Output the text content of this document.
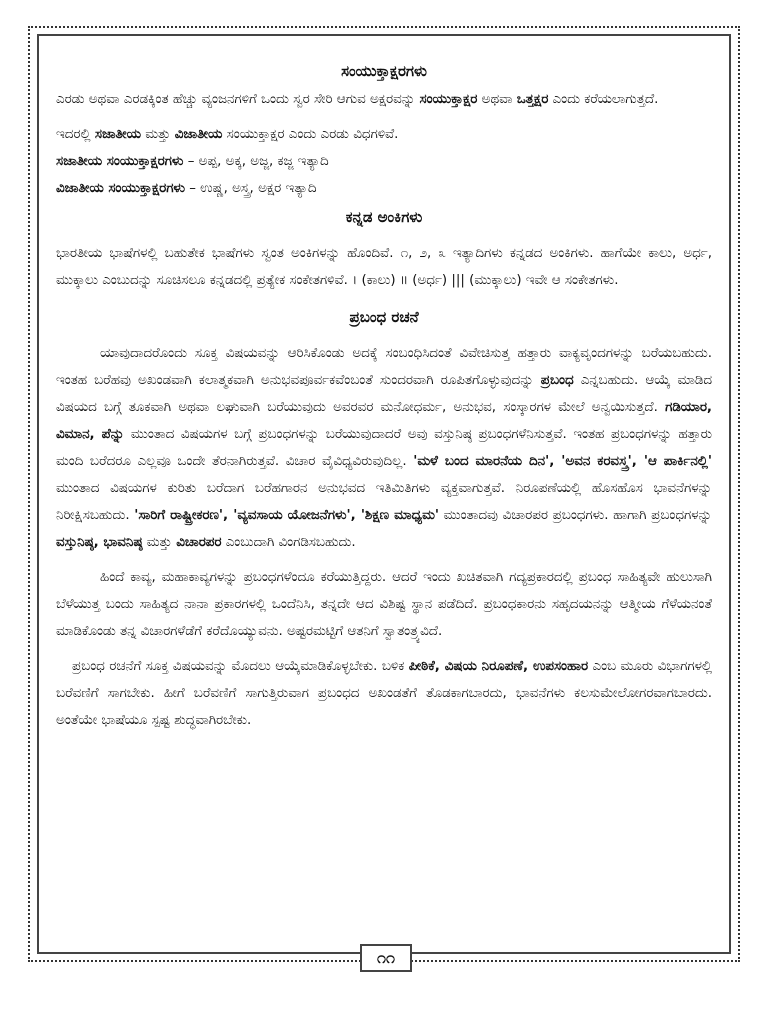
ಸಂಯುಕ್ತಾಕ್ಷರಗಳು

ಎರಡು ಅಥವಾ ಎರಡಕ್ಕಿಂತ ಹೆಚ್ಚು ವ್ಯಂಜನಗಳಿಗೆ ಒಂದು ಸ್ವರ ಸೇರಿ ಆಗುವ ಅಕ್ಷರವನ್ನು ಸಂಯುಕ್ತಾಕ್ಷರ ಅಥವಾ ಒತ್ತಕ್ಷರ ಎಂದು ಕರೆಯಲಾಗುತ್ತದೆ.

ಇದರಲ್ಲಿ ಸಜಾತೀಯ ಮತ್ತು ವಿಜಾತೀಯ ಸಂಯುಕ್ತಾಕ್ಷರ ಎಂದು ಎರಡು ವಿಧಗಳಿವೆ.

ಸಜಾತೀಯ ಸಂಯುಕ್ತಾಕ್ಷರಗಳು – ಅಪ್ಪ, ಅಕ್ಕ, ಅಜ್ಜ, ಕಜ್ಜ ಇತ್ಯಾದಿ

ವಿಜಾತೀಯ ಸಂಯುಕ್ತಾಕ್ಷರಗಳು – ಉಷ್ಣ, ಅಸ್ತ್ರ, ಅಕ್ಷರ ಇತ್ಯಾದಿ

ಕನ್ನಡ ಅಂಕಿಗಳು

ಭಾರತೀಯ ಭಾಷೆಗಳಲ್ಲಿ ಬಹುತೇಕ ಭಾಷೆಗಳು ಸ್ವಂತ ಅಂಕಿಗಳನ್ನು ಹೊಂದಿವೆ. ೧, ೨, ೩ ಇತ್ಯಾದಿಗಳು ಕನ್ನಡದ ಅಂಕಿಗಳು. ಹಾಗೆಯೇ ಕಾಲು, ಅರ್ಧ, ಮುಕ್ಕಾಲು ಎಂಬುದನ್ನು ಸೂಚಿಸಲೂ ಕನ್ನಡದಲ್ಲಿ ಪ್ರತ್ಯೇಕ ಸಂಕೇತಗಳಿವೆ. । (ಕಾಲು) ॥ (ಅರ್ಧ) ||| (ಮುಕ್ಕಾಲು) ಇವೇ ಆ ಸಂಕೇತಗಳು.

ಪ್ರಬಂಧ ರಚನೆ

ಯಾವುದಾದರೊಂದು ಸೂಕ್ತ ವಿಷಯವನ್ನು ಆರಿಸಿಕೊಂಡು ಅದಕ್ಕೆ ಸಂಬಂಧಿಸಿದಂತೆ ವಿವೇಚಿಸುತ್ತ ಹತ್ತಾರು ವಾಕ್ಯವೃಂದಗಳನ್ನು ಬರೆಯಬಹುದು. ಇಂತಹ ಬರೆಹವು ಅಖಂಡವಾಗಿ ಕಲಾತ್ಮಕವಾಗಿ ಅನುಭವಪೂರ್ವಕವೆಂಬಂತೆ ಸುಂದರವಾಗಿ ರೂಪಿತಗೊಳ್ಳುವುದನ್ನು ಪ್ರಬಂಧ ಎನ್ನಬಹುದು. ಆಯ್ಕೆ ಮಾಡಿದ ವಿಷಯದ ಬಗ್ಗೆ ತೂಕವಾಗಿ ಅಥವಾ ಲಘುವಾಗಿ ಬರೆಯುವುದು ಅವರವರ ಮನೋಧರ್ಮ, ಅನುಭವ, ಸಂಸ್ಕಾರಗಳ ಮೇಲೆ ಅನ್ವಯಿಸುತ್ತದೆ. ಗಡಿಯಾರ, ವಿಮಾನ, ಪೆನ್ನು ಮುಂತಾದ ವಿಷಯಗಳ ಬಗ್ಗೆ ಪ್ರಬಂಧಗಳನ್ನು ಬರೆಯುವುದಾದರೆ ಅವು ವಸ್ತುನಿಷ್ಠ ಪ್ರಬಂಧಗಳೆನಿಸುತ್ತವೆ. ಇಂತಹ ಪ್ರಬಂಧಗಳನ್ನು ಹತ್ತಾರು ಮಂದಿ ಬರೆದರೂ ಎಲ್ಲವೂ ಒಂದೇ ತೆರನಾಗಿರುತ್ತವೆ. ವಿಚಾರ ವೈವಿಧ್ಯವಿರುವುದಿಲ್ಲ. 'ಮಳೆ ಬಂದ ಮಾರನೆಯ ದಿನ', 'ಅವನ ಕರವಸ್ತ್ರ', 'ಆ ಪಾರ್ಕಿನಲ್ಲಿ' ಮುಂತಾದ ವಿಷಯಗಳ ಕುರಿತು ಬರೆದಾಗ ಬರೆಹಗಾರನ ಅನುಭವದ ಇತಿಮಿತಿಗಳು ವ್ಯಕ್ತವಾಗುತ್ತವೆ. ನಿರೂಪಣೆಯಲ್ಲಿ ಹೊಸಹೊಸ ಭಾವನೆಗಳನ್ನು ನಿರೀಕ್ಷಿಸಬಹುದು. 'ಸಾರಿಗೆ ರಾಷ್ಟ್ರೀಕರಣ', 'ವ್ಯವಸಾಯ ಯೋಜನೆಗಳು', 'ಶಿಕ್ಷಣ ಮಾಧ್ಯಮ' ಮುಂತಾದವು ವಿಚಾರಪರ ಪ್ರಬಂಧಗಳು. ಹಾಗಾಗಿ ಪ್ರಬಂಧಗಳನ್ನು ವಸ್ತುನಿಷ್ಠ, ಭಾವನಿಷ್ಠ ಮತ್ತು ವಿಚಾರಪರ ಎಂಬುದಾಗಿ ವಿಂಗಡಿಸಬಹುದು.

ಹಿಂದೆ ಕಾವ್ಯ, ಮಹಾಕಾವ್ಯಗಳನ್ನು ಪ್ರಬಂಧಗಳೆಂದೂ ಕರೆಯುತ್ತಿದ್ದರು. ಆದರೆ ಇಂದು ಖಚಿತವಾಗಿ ಗದ್ಯಪ್ರಕಾರದಲ್ಲಿ ಪ್ರಬಂಧ ಸಾಹಿತ್ಯವೇ ಹುಲುಸಾಗಿ ಬೆಳೆಯುತ್ತ ಬಂದು ಸಾಹಿತ್ಯದ ನಾನಾ ಪ್ರಕಾರಗಳಲ್ಲಿ ಒಂದೆನಿಸಿ, ತನ್ನದೇ ಆದ ವಿಶಿಷ್ಟ ಸ್ಥಾನ ಪಡೆದಿದೆ. ಪ್ರಬಂಧಕಾರನು ಸಹೃದಯನನ್ನು ಆತ್ಮೀಯ ಗೆಳೆಯನಂತೆ ಮಾಡಿಕೊಂಡು ತನ್ನ ವಿಚಾರಗಳೆಡೆಗೆ ಕರೆದೊಯ್ಯುವನು. ಅಷ್ಟರಮಟ್ಟಿಗೆ ಆತನಿಗೆ ಸ್ವಾತಂತ್ರ್ಯವಿದೆ.

ಪ್ರಬಂಧ ರಚನೆಗೆ ಸೂಕ್ತ ವಿಷಯವನ್ನು ಮೊದಲು ಆಯ್ಕೆಮಾಡಿಕೊಳ್ಳಬೇಕು. ಬಳಿಕ ಪೀಠಿಕೆ, ವಿಷಯ ನಿರೂಪಣೆ, ಉಪಸಂಹಾರ ಎಂಬ ಮೂರು ವಿಭಾಗಗಳಲ್ಲಿ ಬರೆವಣಿಗೆ ಸಾಗಬೇಕು. ಹೀಗೆ ಬರೆವಣಿಗೆ ಸಾಗುತ್ತಿರುವಾಗ ಪ್ರಬಂಧದ ಅಖಂಡತೆಗೆ ತೊಡಕಾಗಬಾರದು, ಭಾವನೆಗಳು ಕಲಸುಮೇಲೋಗರವಾಗಬಾರದು. ಅಂತೆಯೇ ಭಾಷೆಯೂ ಸ್ಪಷ್ಟ ಶುದ್ಧವಾಗಿರಬೇಕು.

೧೧
